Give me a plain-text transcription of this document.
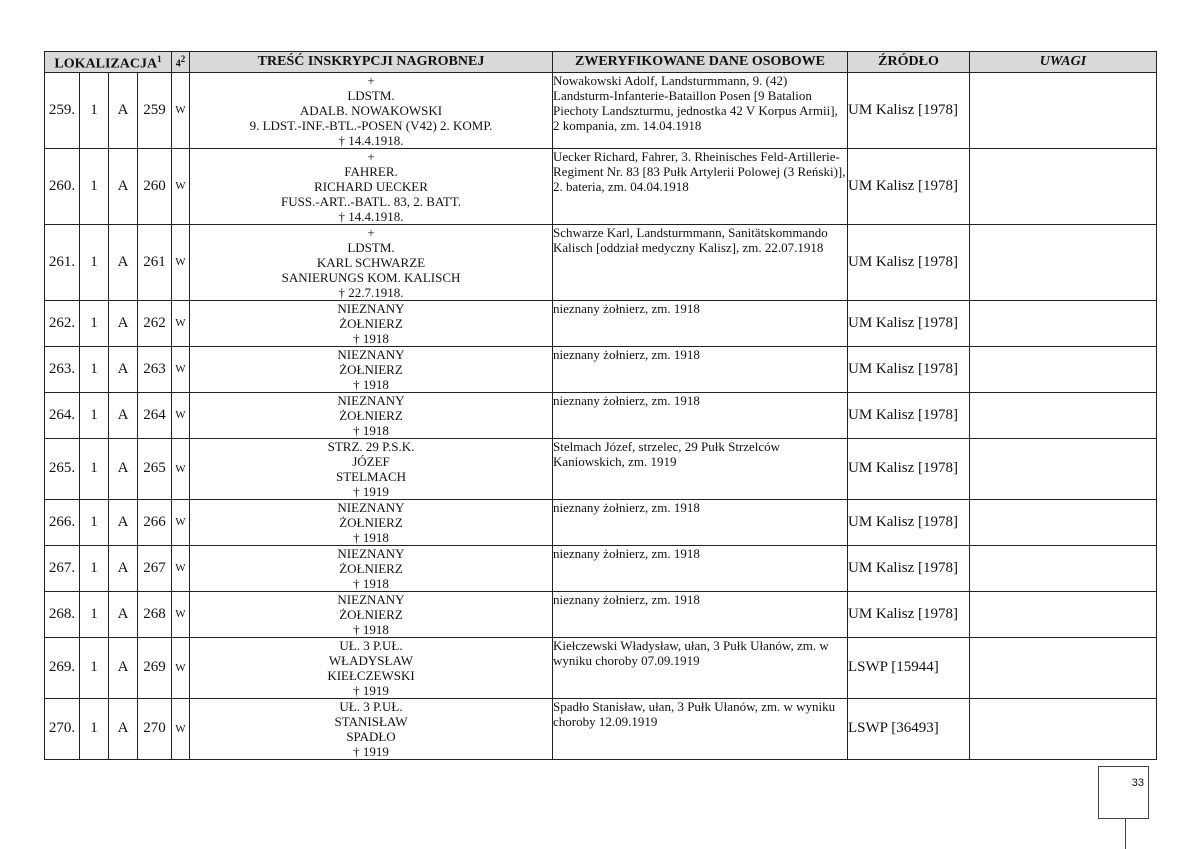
LOKALIZACJA$^1$				$4^2$	TREŚĆ INSKRYPCJI NAGROBNEJ	ZWERYFIKOWANE DANE OSOBOWE	ŹRÓDŁO	UWAGI
259.	1	A	259	W	+
LDSTM.
ADALB. NOWAKOWSKI
9. LDST.-INF.-BTL.-POSEN (V42) 2. KOMP.
† 14.4.1918.	Nowakowski Adolf, Landsturmmann, 9. (42) Landsturm-Infanterie-Bataillon Posen [9 Batalion Piechoty Landszturmu, jednostka 42 V Korpus Armii], 2 kompania, zm. 14.04.1918	UM Kalisz [1978]	
260.	1	A	260	W	+
FAHRER.
RICHARD UECKER
FUSS.-ART..-BATL. 83, 2. BATT.
† 14.4.1918.	Uecker Richard, Fahrer, 3. Rheinisches Feld-Artillerie-Regiment Nr. 83 [83 Pułk Artylerii Polowej (3 Reński)], 2. bateria, zm. 04.04.1918	UM Kalisz [1978]	
261.	1	A	261	W	+
LDSTM.
KARL SCHWARZE
SANIERUNGS KOM. KALISCH
† 22.7.1918.	Schwarze Karl, Landsturmmann, Sanitätskommando Kalisch [oddział medyczny Kalisz], zm. 22.07.1918	UM Kalisz [1978]	
262.	1	A	262	W	NIEZNANY
ŻOŁNIERZ
† 1918	nieznany żołnierz, zm. 1918	UM Kalisz [1978]	
263.	1	A	263	W	NIEZNANY
ŻOŁNIERZ
† 1918	nieznany żołnierz, zm. 1918	UM Kalisz [1978]	
264.	1	A	264	W	NIEZNANY
ŻOŁNIERZ
† 1918	nieznany żołnierz, zm. 1918	UM Kalisz [1978]	
265.	1	A	265	W	STRZ. 29 P.S.K.
JÓZEF
STELMACH
† 1919	Stelmach Józef, strzelec, 29 Pułk Strzelców Kaniowskich, zm. 1919	UM Kalisz [1978]	
266.	1	A	266	W	NIEZNANY
ŻOŁNIERZ
† 1918	nieznany żołnierz, zm. 1918	UM Kalisz [1978]	
267.	1	A	267	W	NIEZNANY
ŻOŁNIERZ
† 1918	nieznany żołnierz, zm. 1918	UM Kalisz [1978]	
268.	1	A	268	W	NIEZNANY
ŻOŁNIERZ
† 1918	nieznany żołnierz, zm. 1918	UM Kalisz [1978]	
269.	1	A	269	W	UŁ. 3 P.UŁ.
WŁADYSŁAW
KIEŁCZEWSKI
† 1919	Kiełczewski Władysław, ułan, 3 Pułk Ułanów, zm. w wyniku choroby 07.09.1919	LSWP [15944]	
270.	1	A	270	W	UŁ. 3 P.UŁ.
STANISŁAW
SPADŁO
† 1919	Spadło Stanisław, ułan, 3 Pułk Ułanów, zm. w wyniku choroby 12.09.1919	LSWP [36493]	
33
